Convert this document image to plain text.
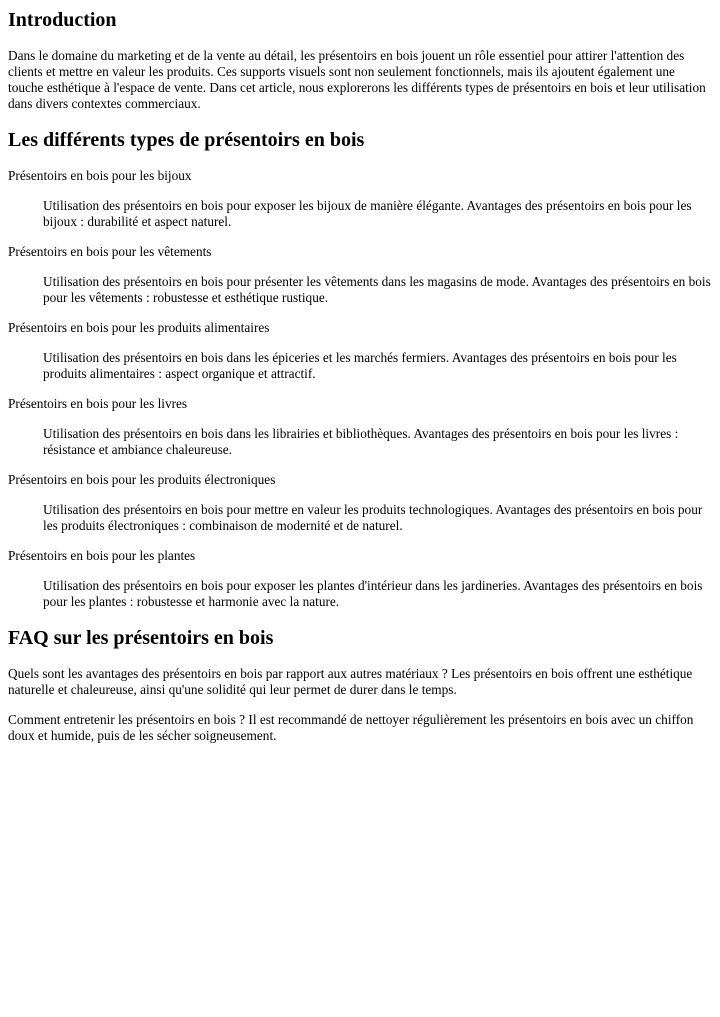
Introduction

Dans le domaine du marketing et de la vente au détail, les présentoirs en bois jouent un rôle essentiel pour attirer l'attention des clients et mettre en valeur les produits. Ces supports visuels sont non seulement fonctionnels, mais ils ajoutent également une touche esthétique à l'espace de vente. Dans cet article, nous explorerons les différents types de présentoirs en bois et leur utilisation dans divers contextes commerciaux.

Les différents types de présentoirs en bois

Présentoirs en bois pour les bijoux

Utilisation des présentoirs en bois pour exposer les bijoux de manière élégante. Avantages des présentoirs en bois pour les bijoux : durabilité et aspect naturel.

Présentoirs en bois pour les vêtements

Utilisation des présentoirs en bois pour présenter les vêtements dans les magasins de mode. Avantages des présentoirs en bois pour les vêtements : robustesse et esthétique rustique.

Présentoirs en bois pour les produits alimentaires

Utilisation des présentoirs en bois dans les épiceries et les marchés fermiers. Avantages des présentoirs en bois pour les produits alimentaires : aspect organique et attractif.

Présentoirs en bois pour les livres

Utilisation des présentoirs en bois dans les librairies et bibliothèques. Avantages des présentoirs en bois pour les livres : résistance et ambiance chaleureuse.

Présentoirs en bois pour les produits électroniques

Utilisation des présentoirs en bois pour mettre en valeur les produits technologiques. Avantages des présentoirs en bois pour les produits électroniques : combinaison de modernité et de naturel.

Présentoirs en bois pour les plantes

Utilisation des présentoirs en bois pour exposer les plantes d'intérieur dans les jardineries. Avantages des présentoirs en bois pour les plantes : robustesse et harmonie avec la nature.

FAQ sur les présentoirs en bois

Quels sont les avantages des présentoirs en bois par rapport aux autres matériaux ? Les présentoirs en bois offrent une esthétique naturelle et chaleureuse, ainsi qu'une solidité qui leur permet de durer dans le temps.

Comment entretenir les présentoirs en bois ? Il est recommandé de nettoyer régulièrement les présentoirs en bois avec un chiffon doux et humide, puis de les sécher soigneusement.
